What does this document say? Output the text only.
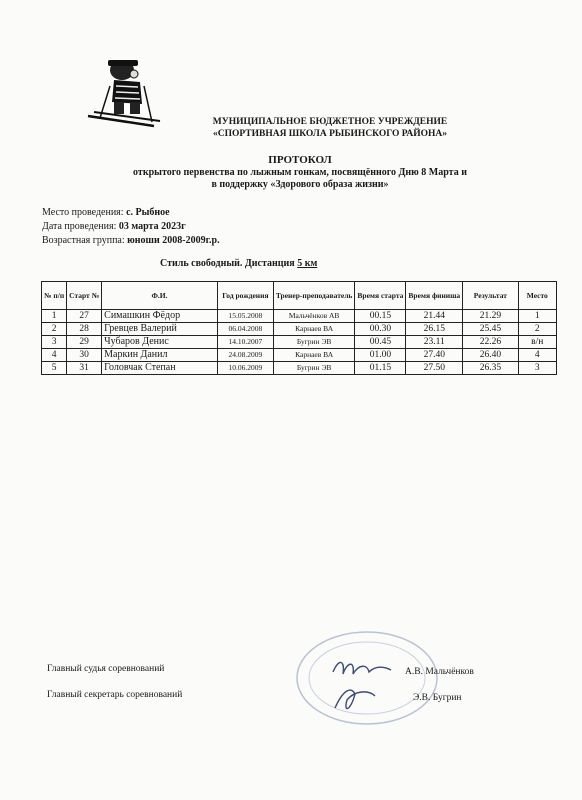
МУНИЦИПАЛЬНОЕ БЮДЖЕТНОЕ УЧРЕЖДЕНИЕ
«СПОРТИВНАЯ ШКОЛА РЫБИНСКОГО РАЙОНА»
ПРОТОКОЛ
открытого первенства по лыжным гонкам, посвящённого Дню 8 Марта и
в поддержку «Здорового образа жизни»
Место проведения: с. Рыбное
Дата проведения: 03 марта 2023г
Возрастная группа: юноши 2008-2009г.р.
Стиль свободный. Дистанция 5 км
№ п/п	Старт №	Ф.И.	Год рождения	Тренер-преподаватель	Время старта	Время финиша	Результат	Место
1	27	Симашкин Фёдор	15.05.2008	Мальчёнков АВ	00.15	21.44	21.29	1
2	28	Гревцев Валерий	06.04.2008	Карнаев ВА	00.30	26.15	25.45	2
3	29	Чубаров Денис	14.10.2007	Бугрин ЭВ	00.45	23.11	22.26	в/н
4	30	Маркин Данил	24.08.2009	Карнаев ВА	01.00	27.40	26.40	4
5	31	Головчак Степан	10.06.2009	Бугрин ЭВ	01.15	27.50	26.35	3
Главный судья соревнований	А.В. Мальчёнков
Главный секретарь соревнований	Э.В. Бугрин
